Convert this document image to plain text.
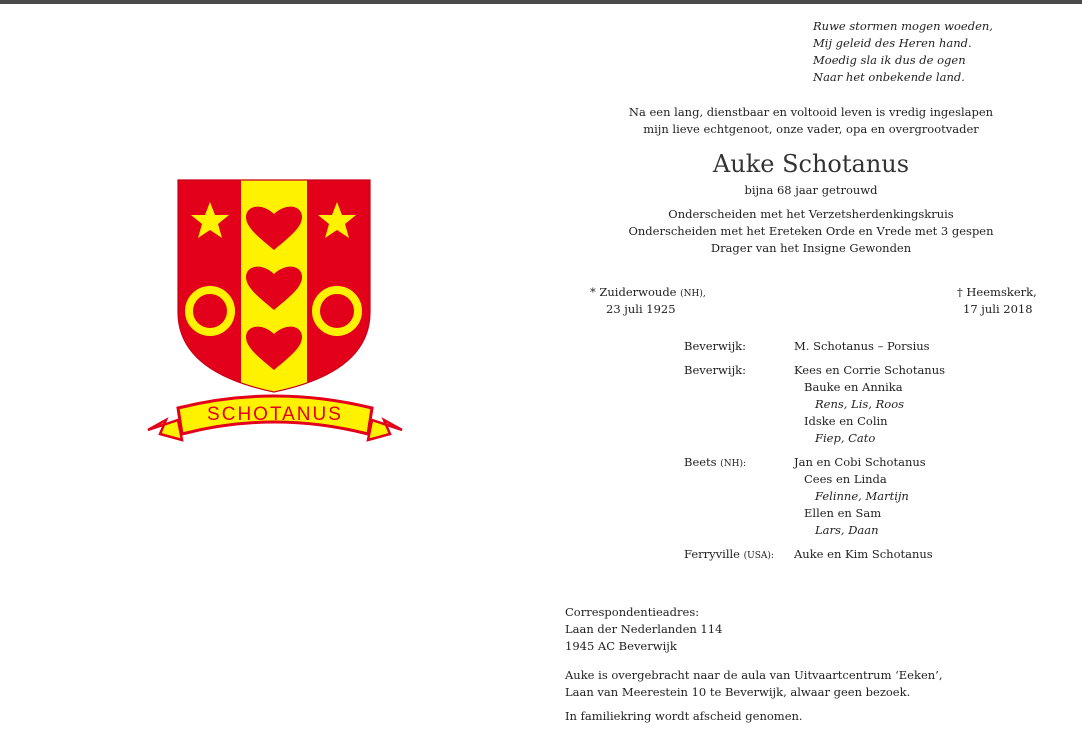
SCHOTANUS
Ruwe stormen mogen woeden,
Mij geleid des Heren hand.
Moedig sla ik dus de ogen
Naar het onbekende land.
Na een lang, dienstbaar en voltooid leven is vredig ingeslapen
mijn lieve echtgenoot, onze vader, opa en overgrootvader
Auke Schotanus
bijna 68 jaar getrouwd
Onderscheiden met het Verzetsherdenkingskruis
Onderscheiden met het Ereteken Orde en Vrede met 3 gespen
Drager van het Insigne Gewonden
* Zuiderwoude (NH),
23 juli 1925
† Heemskerk,
17 juli 2018
Beverwijk:	M. Schotanus – Porsius
Beverwijk:	Kees en Corrie Schotanus
Bauke en Annika
Rens, Lis, Roos
Idske en Colin
Fiep, Cato
Beets (NH):	Jan en Cobi Schotanus
Cees en Linda
Felinne, Martijn
Ellen en Sam
Lars, Daan
Ferryville (USA): Auke en Kim Schotanus
Correspondentieadres:
Laan der Nederlanden 114
1945 AC Beverwijk
Auke is overgebracht naar de aula van Uitvaartcentrum ‘Eeken’,
Laan van Meerestein 10 te Beverwijk, alwaar geen bezoek.
In familiekring wordt afscheid genomen.
